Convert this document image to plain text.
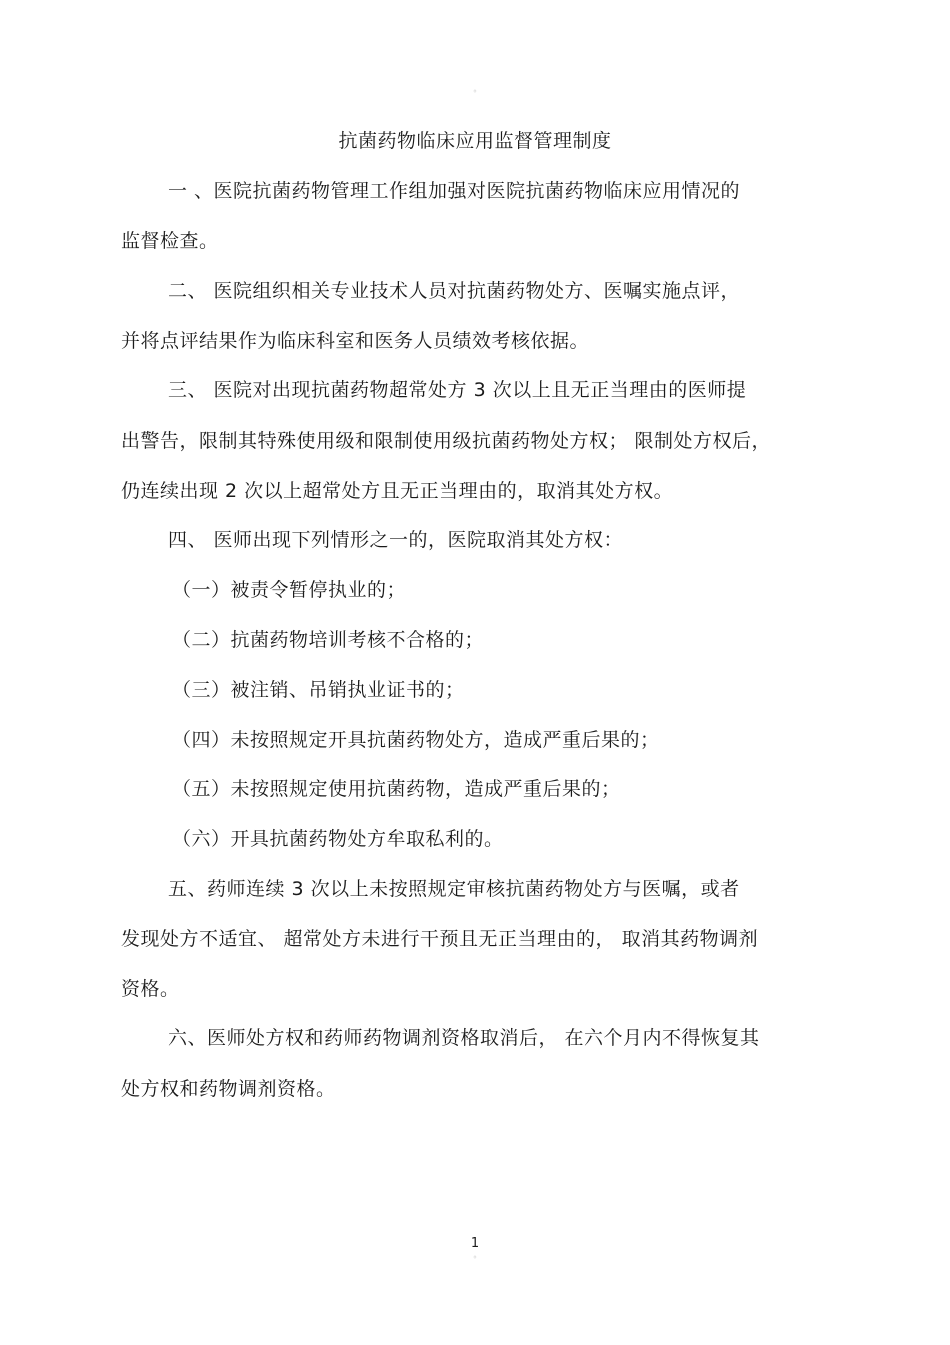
◦
抗菌药物临床应用监督管理制度
一 、医院抗菌药物管理工作组加强对医院抗菌药物临床应用情况的
监督检查。
二、 医院组织相关专业技术人员对抗菌药物处方、医嘱实施点评，
并将点评结果作为临床科室和医务人员绩效考核依据。
三、 医院对出现抗菌药物超常处方 3 次以上且无正当理由的医师提
出警告，限制其特殊使用级和限制使用级抗菌药物处方权； 限制处方权后，
仍连续出现 2 次以上超常处方且无正当理由的，取消其处方权。
四、 医师出现下列情形之一的，医院取消其处方权：
（一）被责令暂停执业的；
（二）抗菌药物培训考核不合格的；
（三）被注销、吊销执业证书的；
（四）未按照规定开具抗菌药物处方，造成严重后果的；
（五）未按照规定使用抗菌药物，造成严重后果的；
（六）开具抗菌药物处方牟取私利的。
五、药师连续 3 次以上未按照规定审核抗菌药物处方与医嘱，或者
发现处方不适宜、 超常处方未进行干预且无正当理由的， 取消其药物调剂
资格。
六、医师处方权和药师药物调剂资格取消后， 在六个月内不得恢复其
处方权和药物调剂资格。
1
◦
